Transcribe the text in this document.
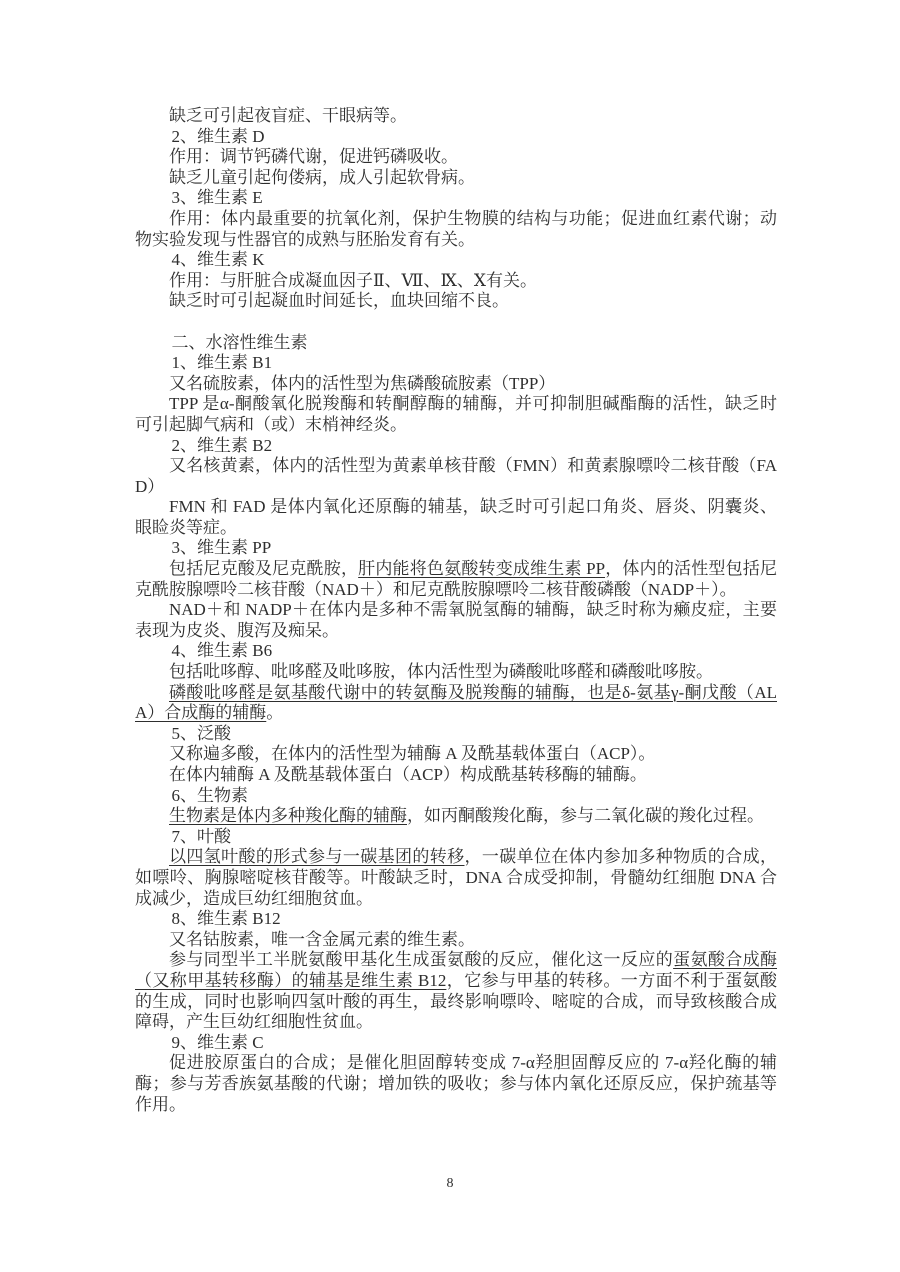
缺乏可引起夜盲症、干眼病等。

2、维生素 D

作用：调节钙磷代谢，促进钙磷吸收。

缺乏儿童引起佝偻病，成人引起软骨病。

3、维生素 E

作用：体内最重要的抗氧化剂，保护生物膜的结构与功能；促进血红素代谢；动物实验发现与性器官的成熟与胚胎发育有关。

4、维生素 K

作用：与肝脏合成凝血因子Ⅱ、Ⅶ、Ⅸ、Ⅹ有关。

缺乏时可引起凝血时间延长，血块回缩不良。

二、水溶性维生素

1、维生素 B1

又名硫胺素，体内的活性型为焦磷酸硫胺素（TPP）

TPP 是α-酮酸氧化脱羧酶和转酮醇酶的辅酶，并可抑制胆碱酯酶的活性，缺乏时可引起脚气病和（或）末梢神经炎。

2、维生素 B2

又名核黄素，体内的活性型为黄素单核苷酸（FMN）和黄素腺嘌呤二核苷酸（FAD）

FMN 和 FAD 是体内氧化还原酶的辅基，缺乏时可引起口角炎、唇炎、阴囊炎、眼睑炎等症。

3、维生素 PP

包括尼克酸及尼克酰胺，肝内能将色氨酸转变成维生素 PP，体内的活性型包括尼克酰胺腺嘌呤二核苷酸（NAD＋）和尼克酰胺腺嘌呤二核苷酸磷酸（NADP＋）。

NAD＋和 NADP＋在体内是多种不需氧脱氢酶的辅酶，缺乏时称为癞皮症，主要表现为皮炎、腹泻及痴呆。

4、维生素 B6

包括吡哆醇、吡哆醛及吡哆胺，体内活性型为磷酸吡哆醛和磷酸吡哆胺。

磷酸吡哆醛是氨基酸代谢中的转氨酶及脱羧酶的辅酶，也是δ-氨基γ-酮戊酸（ALA）合成酶的辅酶。

5、泛酸

又称遍多酸，在体内的活性型为辅酶 A 及酰基载体蛋白（ACP）。

在体内辅酶 A 及酰基载体蛋白（ACP）构成酰基转移酶的辅酶。

6、生物素

生物素是体内多种羧化酶的辅酶，如丙酮酸羧化酶，参与二氧化碳的羧化过程。

7、叶酸

以四氢叶酸的形式参与一碳基团的转移，一碳单位在体内参加多种物质的合成，如嘌呤、胸腺嘧啶核苷酸等。叶酸缺乏时，DNA 合成受抑制，骨髓幼红细胞 DNA 合成减少，造成巨幼红细胞贫血。

8、维生素 B12

又名钴胺素，唯一含金属元素的维生素。

参与同型半工半胱氨酸甲基化生成蛋氨酸的反应，催化这一反应的蛋氨酸合成酶（又称甲基转移酶）的辅基是维生素 B12，它参与甲基的转移。一方面不利于蛋氨酸的生成，同时也影响四氢叶酸的再生，最终影响嘌呤、嘧啶的合成，而导致核酸合成障碍，产生巨幼红细胞性贫血。

9、维生素 C

促进胶原蛋白的合成；是催化胆固醇转变成 7-α羟胆固醇反应的 7-α羟化酶的辅酶；参与芳香族氨基酸的代谢；增加铁的吸收；参与体内氧化还原反应，保护巯基等作用。

8
